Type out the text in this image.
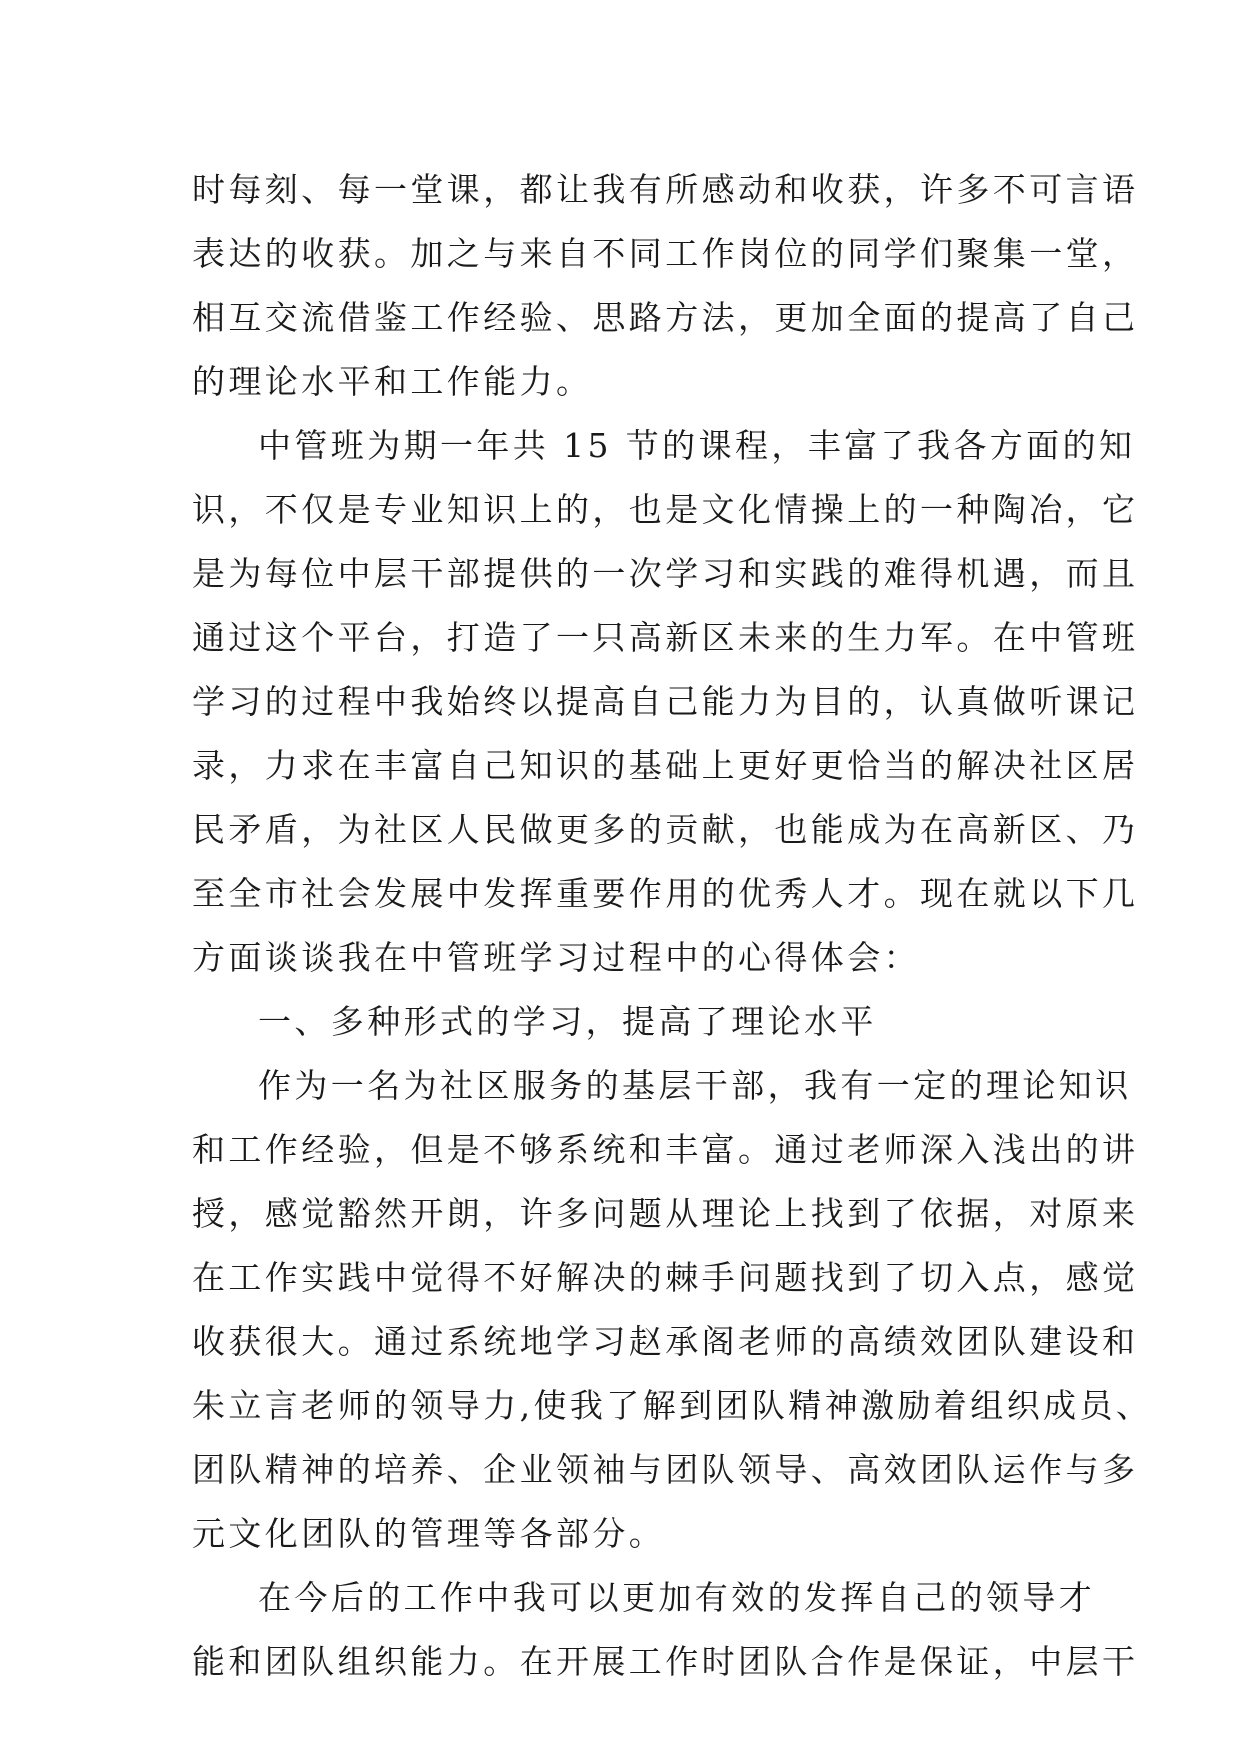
时每刻、每一堂课，都让我有所感动和收获，许多不可言语
表达的收获。加之与来自不同工作岗位的同学们聚集一堂，
相互交流借鉴工作经验、思路方法，更加全面的提高了自己
的理论水平和工作能力。
中管班为期一年共 15 节的课程，丰富了我各方面的知
识，不仅是专业知识上的，也是文化情操上的一种陶冶，它
是为每位中层干部提供的一次学习和实践的难得机遇，而且
通过这个平台，打造了一只高新区未来的生力军。在中管班
学习的过程中我始终以提高自己能力为目的，认真做听课记
录，力求在丰富自己知识的基础上更好更恰当的解决社区居
民矛盾，为社区人民做更多的贡献，也能成为在高新区、乃
至全市社会发展中发挥重要作用的优秀人才。现在就以下几
方面谈谈我在中管班学习过程中的心得体会：
一、多种形式的学习，提高了理论水平
作为一名为社区服务的基层干部，我有一定的理论知识
和工作经验，但是不够系统和丰富。通过老师深入浅出的讲
授，感觉豁然开朗，许多问题从理论上找到了依据，对原来
在工作实践中觉得不好解决的棘手问题找到了切入点，感觉
收获很大。通过系统地学习赵承阁老师的高绩效团队建设和
朱立言老师的领导力,使我了解到团队精神激励着组织成员、
团队精神的培养、企业领袖与团队领导、高效团队运作与多
元文化团队的管理等各部分。
在今后的工作中我可以更加有效的发挥自己的领导才
能和团队组织能力。在开展工作时团队合作是保证，中层干
